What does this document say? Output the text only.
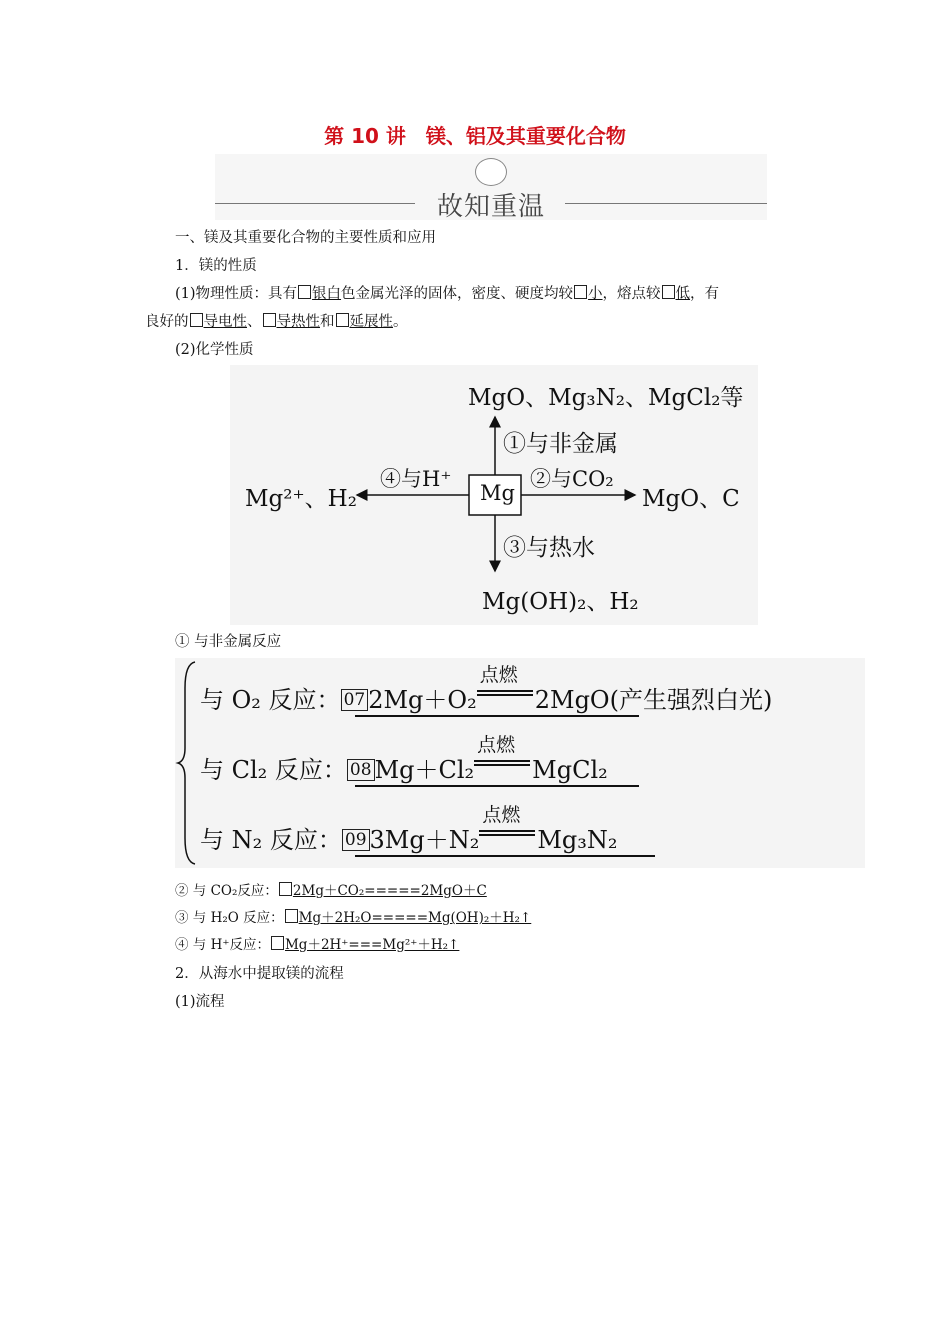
第 10 讲　镁、铝及其重要化合物
故知重温
一、镁及其重要化合物的主要性质和应用
1．镁的性质
(1)物理性质：具有 银白色金属光泽的固体，密度、硬度均较 小，熔点较 低，有
良好的 导电性、 导热性和 延展性。
(2)化学性质
MgO、Mg₃N₂、MgCl₂等
①与非金属
Mg
②与CO₂
MgO、C
④与H⁺
Mg²⁺、H₂
③与热水
Mg(OH)₂、H₂
① 与非金属反应
与 O₂ 反应： 07 2Mg＋O₂
点燃
2MgO(产生强烈白光)
与 Cl₂ 反应： 08 Mg＋Cl₂
点燃
MgCl₂
与 N₂ 反应： 09 3Mg＋N₂
点燃
Mg₃N₂
② 与 CO₂反应： 2Mg＋CO₂=====2MgO＋C
③ 与 H₂O 反应： Mg＋2H₂O=====Mg(OH)₂＋H₂↑
④ 与 H⁺反应： Mg＋2H⁺===Mg²⁺＋H₂↑
2．从海水中提取镁的流程
(1)流程
